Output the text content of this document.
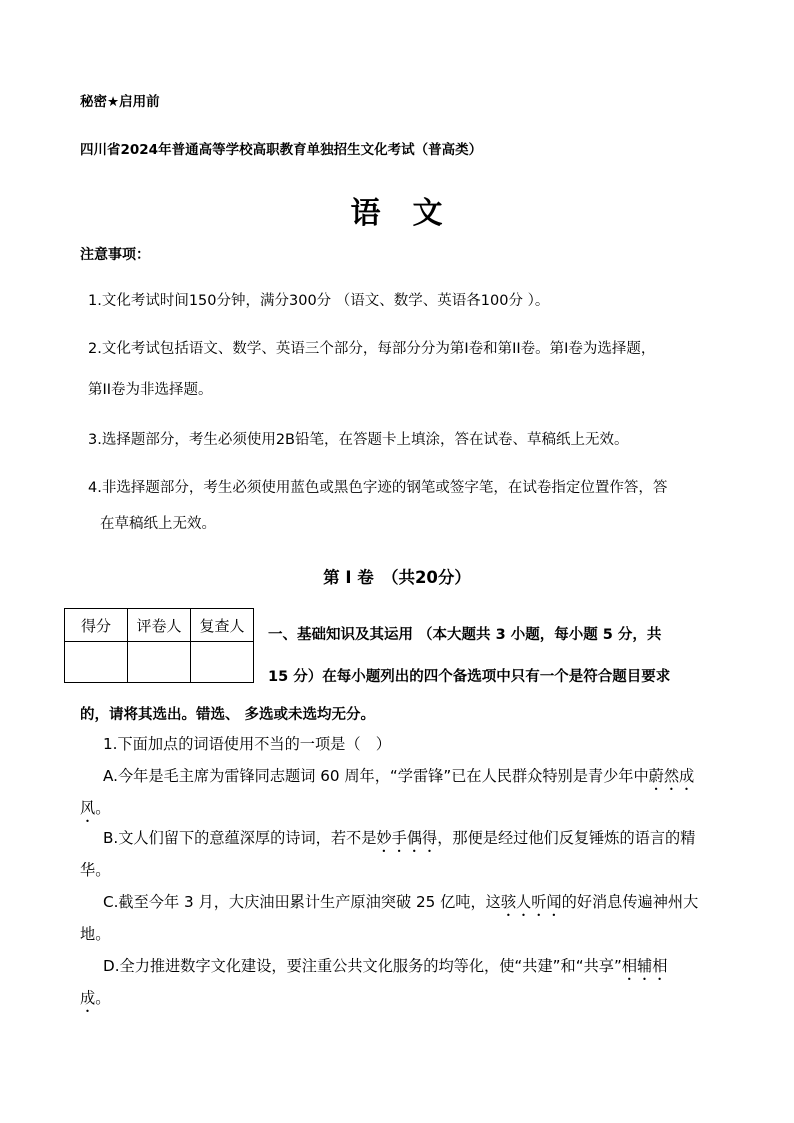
秘密★启用前

四川省2024年普通高等学校高职教育单独招生文化考试（普高类）

语　文

注意事项：

1.文化考试时间150分钟，满分300分 （语文、数学、英语各100分 ）。

2.文化考试包括语文、数学、英语三个部分，每部分分为第I卷和第II卷。第I卷为选择题，

第II卷为非选择题。

3.选择题部分，考生必须使用2B铅笔，在答题卡上填涂，答在试卷、草稿纸上无效。

4.非选择题部分，考生必须使用蓝色或黑色字迹的钢笔或签字笔，在试卷指定位置作答，答

在草稿纸上无效。

第 I 卷　（共20分）

得分	评卷人	复查人

一、基础知识及其运用 （本大题共 3 小题，每小题 5 分，共

15 分）在每小题列出的四个备选项中只有一个是符合题目要求

的，请将其选出。错选、 多选或未选均无分。

1.下面加点的词语使用不当的一项是（　）

A.今年是毛主席为雷锋同志题词 60 周年，“学雷锋”已在人民群众特别是青少年中蔚然成

风。

B.文人们留下的意蕴深厚的诗词，若不是妙手偶得，那便是经过他们反复锤炼的语言的精

华。

C.截至今年 3 月，大庆油田累计生产原油突破 25 亿吨，这骇人听闻的好消息传遍神州大

地。

D.全力推进数字文化建设，要注重公共文化服务的均等化，使“共建”和“共享”相辅相

成。
